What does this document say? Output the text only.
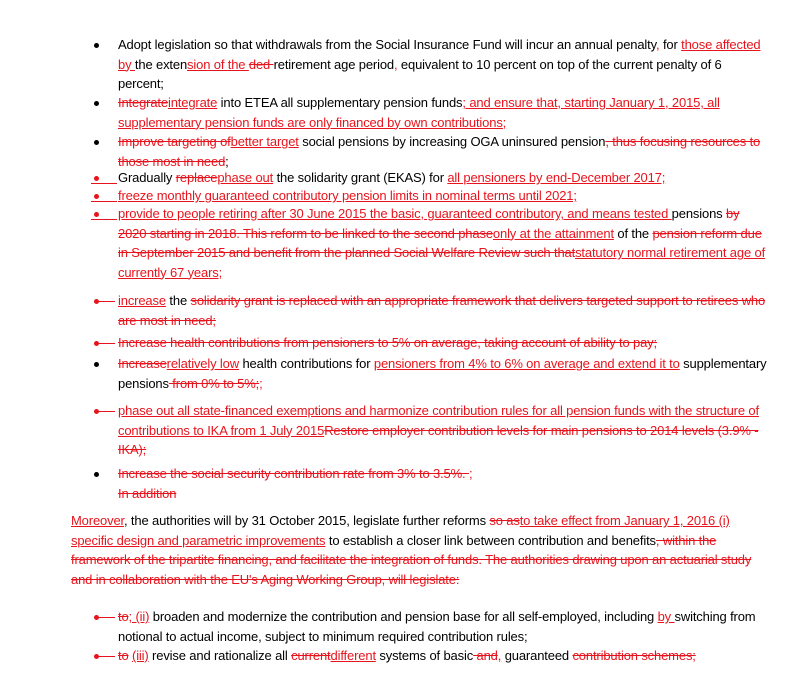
Adopt legislation so that withdrawals from the Social Insurance Fund will incur an annual penalty, for those affected by the extension of the ded retirement age period, equivalent to 10 percent on top of the current penalty of 6 percent;
Integrateintegrate into ETEA all supplementary pension funds; and ensure that, starting January 1, 2015, all supplementary pension funds are only financed by own contributions;
Improve targeting ofbetter target social pensions by increasing OGA uninsured pension, thus focusing resources to those most in need;
Gradually replacephase out the solidarity grant (EKAS) for all pensioners by end-December 2017;
freeze monthly guaranteed contributory pension limits in nominal terms until 2021;
provide to people retiring after 30 June 2015 the basic, guaranteed contributory, and means tested pensions by 2020 starting in 2018. This reform to be linked to the second phaseonly at the attainment of the pension reform due in September 2015 and benefit from the planned Social Welfare Review such thatstatutory normal retirement age of currently 67 years;
increase the solidarity grant is replaced with an appropriate framework that delivers targeted support to retirees who are most in need;
Increase health contributions from pensioners to 5% on average, taking account of ability to pay;
Increaserelatively low health contributions for pensioners from 4% to 6% on average and extend it to supplementary pensions from 0% to 5%;;
phase out all state-financed exemptions and harmonize contribution rules for all pension funds with the structure of contributions to IKA from 1 July 2015Restore employer contribution levels for main pensions to 2014 levels (3.9% - IKA);
Increase the social security contribution rate from 3% to 3.5%. ;
In addition
Moreover, the authorities will by 31 October 2015, legislate further reforms so asto take effect from January 1, 2016 (i) specific design and parametric improvements to establish a closer link between contribution and benefits, within the framework of the tripartite financing, and facilitate the integration of funds. The authorities drawing upon an actuarial study and in collaboration with the EU's Aging Working Group, will legislate:
to; (ii) broaden and modernize the contribution and pension base for all self-employed, including by switching from notional to actual income, subject to minimum required contribution rules;
to (iii) revise and rationalize all currentdifferent systems of basic and, guaranteed contribution schemes;
